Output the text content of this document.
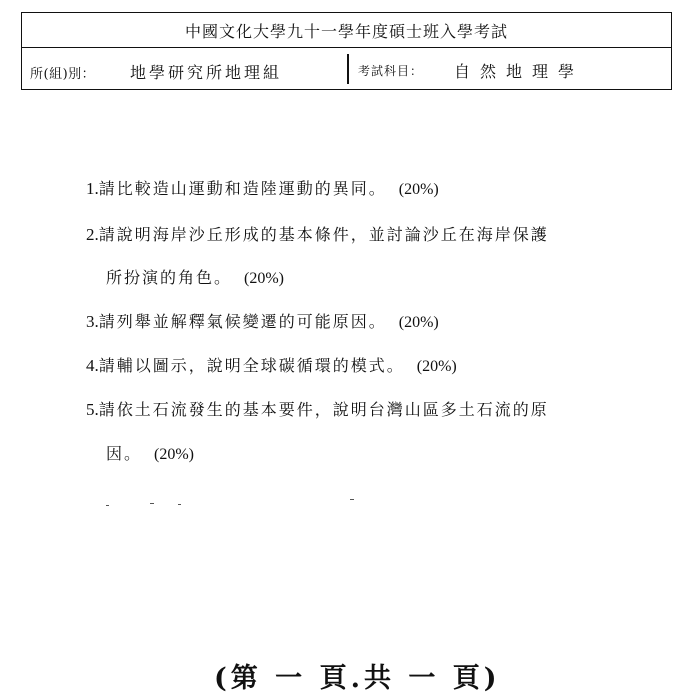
中國文化大學九十一學年度碩士班入學考試
所(組)別： 地學研究所地理組	考試科目： 自然地理學
1.請比較造山運動和造陸運動的異同。 (20%)
2.請說明海岸沙丘形成的基本條件，並討論沙丘在海岸保護
所扮演的角色。 (20%)
3.請列舉並解釋氣候變遷的可能原因。 (20%)
4.請輔以圖示，說明全球碳循環的模式。 (20%)
5.請依土石流發生的基本要件，說明台灣山區多土石流的原
因。 (20%)
(第 一 頁.共 一 頁)
